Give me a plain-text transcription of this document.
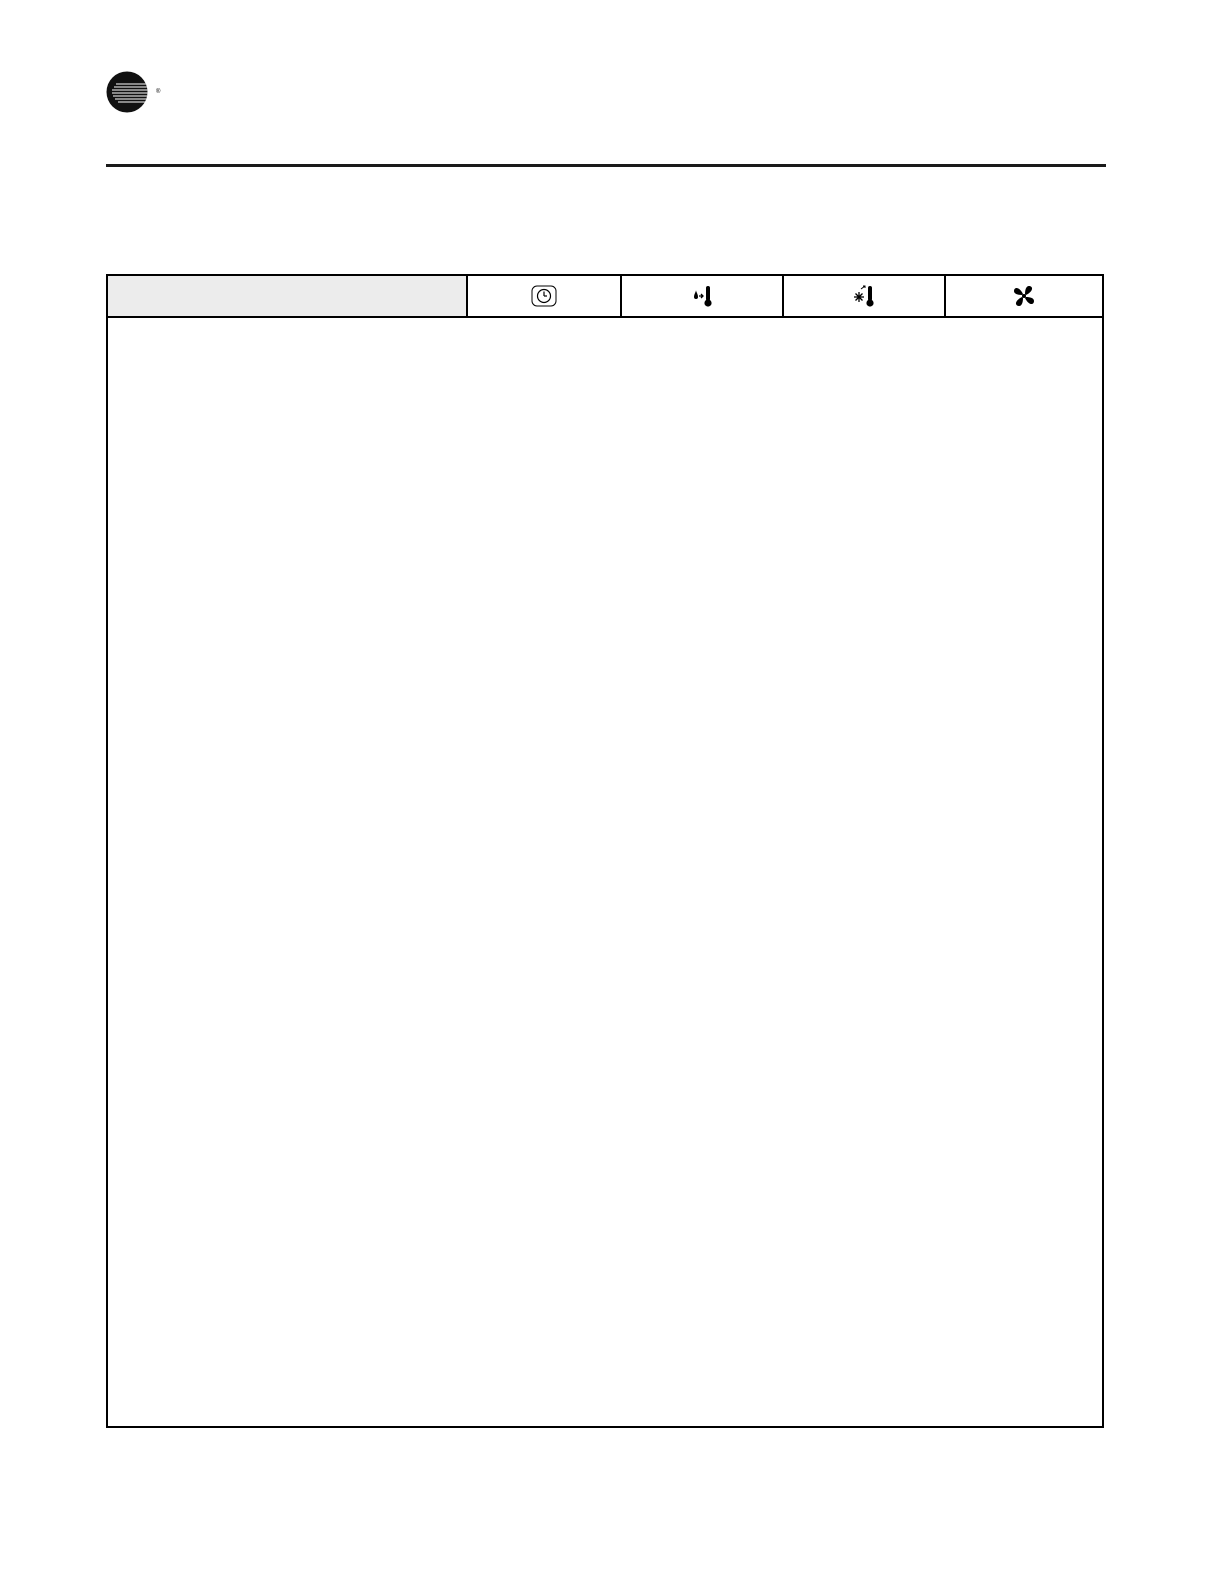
®
